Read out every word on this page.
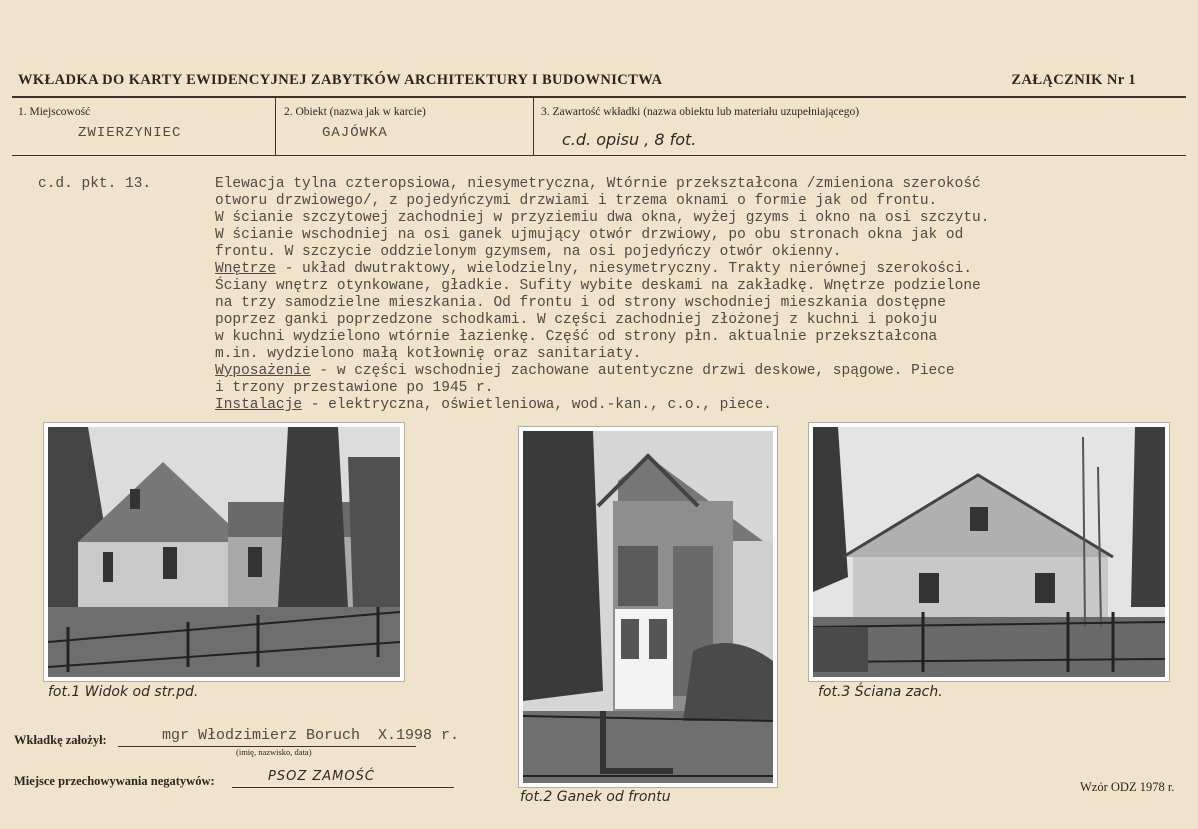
WKŁADKA DO KARTY EWIDENCYJNEJ ZABYTKÓW ARCHITEKTURY I BUDOWNICTWA	ZAŁĄCZNIK Nr 1
1. Miejscowość
ZWIERZYNIEC
2. Obiekt (nazwa jak w karcie)
GAJÓWKA
3. Zawartość wkładki (nazwa obiektu lub materiału uzupełniającego)
c.d. opisu , 8 fot.
c.d. pkt. 13.	Elewacja tylna czteropsiowa, niesymetryczna, Wtórnie przekształcona /zmieniona szerokość

otworu drzwiowego/, z pojedyńczymi drzwiami i trzema oknami o formie jak od frontu.

W ścianie szczytowej zachodniej w przyziemiu dwa okna, wyżej gzyms i okno na osi szczytu.

W ścianie wschodniej na osi ganek ujmujący otwór drzwiowy, po obu stronach okna jak od

frontu. W szczycie oddzielonym gzymsem, na osi pojedyńczy otwór okienny.

Wnętrze - układ dwutraktowy, wielodzielny, niesymetryczny. Trakty nierównej szerokości.

Ściany wnętrz otynkowane, gładkie. Sufity wybite deskami na zakładkę. Wnętrze podzielone

na trzy samodzielne mieszkania. Od frontu i od strony wschodniej mieszkania dostępne

poprzez ganki poprzedzone schodkami. W części zachodniej złożonej z kuchni i pokoju

w kuchni wydzielono wtórnie łazienkę. Część od strony płn. aktualnie przekształcona

m.in. wydzielono małą kotłownię oraz sanitariaty.

Wyposażenie - w części wschodniej zachowane autentyczne drzwi deskowe, spągowe. Piece

i trzony przestawione po 1945 r.

Instalacje - elektryczna, oświetleniowa, wod.-kan., c.o., piece.

fot.1 Widok od str.pd.
fot.2 Ganek od frontu
fot.3 Ściana zach.
Wkładkę założył:	mgr Włodzimierz Boruch  X.1998 r.
(imię, nazwisko, data)
Miejsce przechowywania negatywów:	PSOZ ZAMOŚĆ
Wzór ODZ 1978 r.
